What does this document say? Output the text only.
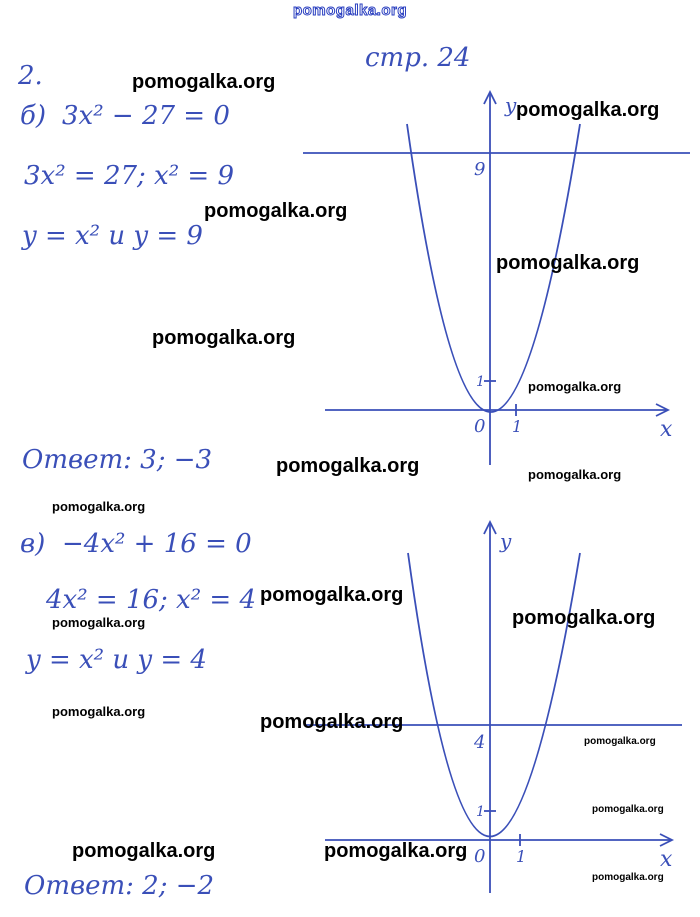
pomogalka.org
стр. 24
2.
б) 3x² − 27 = 0
3x² = 27; x² = 9
y = x² и y = 9
Ответ: 3; −3
y
x
0 1
1
9
в) −4x² + 16 = 0
4x² = 16; x² = 4
y = x² и y = 4
Ответ: 2; −2
y
x
0 1
1
4
pomogalka.org
pomogalka.org
pomogalka.org
pomogalka.org
pomogalka.org
pomogalka.org
pomogalka.org	pomogalka.org
pomogalka.org
pomogalka.org
pomogalka.org
pomogalka.org
pomogalka.org	pomogalka.org
pomogalka.org
pomogalka.org
pomogalka.org	pomogalka.org
pomogalka.org
